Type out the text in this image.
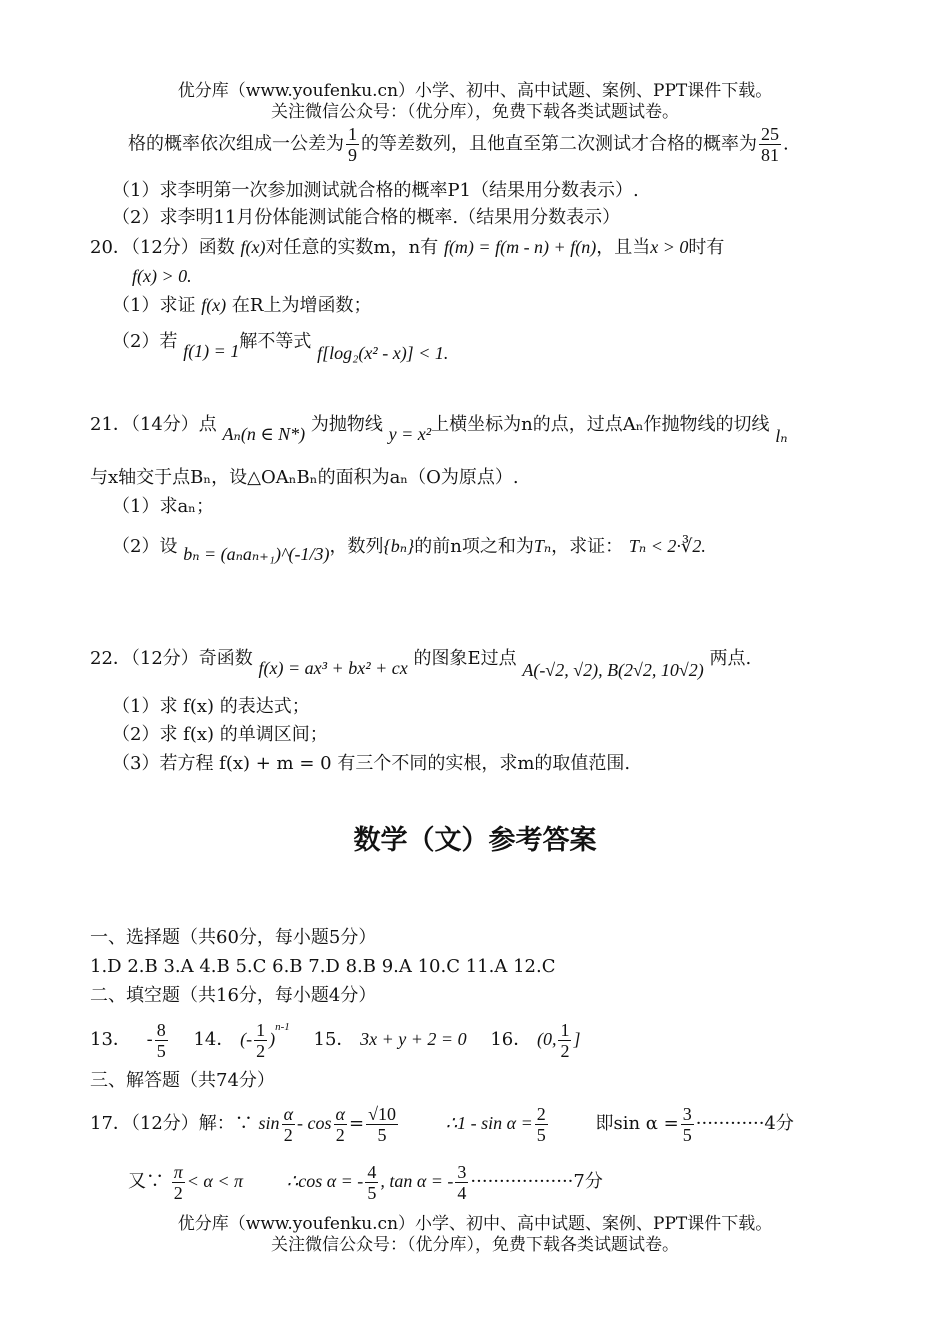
优分库（www.youfenku.cn）小学、初中、高中试题、案例、PPT课件下载。
关注微信公众号：（优分库），免费下载各类试题试卷。
格的概率依次组成一公差为 $\frac{1}{9}$ 的等差数列，且他直至第二次测试才合格的概率为 $\frac{25}{81}$ .
（1）求李明第一次参加测试就合格的概率P1（结果用分数表示）.
（2）求李明11月份体能测试能合格的概率.（结果用分数表示）
20．（12分）函数 f(x)对任意的实数m，n有 f(m) = f(m - n) + f(n)，且当x > 0时有
f(x) > 0.
（1）求证 f(x) 在R上为增函数；
（2）若 f(1) = 1解不等式 f[log₂(x² - x)] < 1.
21．（14分）点 Aₙ(n ∈ N*) 为抛物线 y = x²上横坐标为n的点，过点Aₙ作抛物线的切线 lₙ
与x轴交于点Bₙ，设△OAₙBₙ的面积为aₙ（O为原点）.
（1）求aₙ；
（2）设 bₙ = (aₙaₙ₊₁)^(-1/3)，数列{bₙ}的前n项之和为Tₙ，求证： Tₙ < 2·∛2.
22．（12分）奇函数 f(x) = ax³ + bx² + cx 的图象E过点 A(-√2, √2), B(2√2, 10√2) 两点.
（1）求 f(x) 的表达式；
（2）求 f(x) 的单调区间；
（3）若方程 f(x) + m = 0 有三个不同的实根，求m的取值范围.
数学（文）参考答案
一、选择题（共60分，每小题5分）
1.D 2.B 3.A 4.B 5.C 6.B 7.D 8.B 9.A 10.C 11.A 12.C
二、填空题（共16分，每小题4分）
13． - $\frac{8}{5} 14$． (- $\frac{1}{2} )^{n-1}$ 15． 3x + y + 2 = 0 16． (0, $\frac{1}{2}$ ]
三、解答题（共74分）
17．（12分）解：∵ $\sin \frac{\alpha}{2} - \cos \frac{\alpha}{2} = \frac{√10}{5}$	∴1 - $\sin \alpha = \frac{2}{5}$	即$\sin \alpha = \frac{3}{5} \cdot\cdot\cdot\cdot\cdot\cdot\cdot\cdot\cdot\cdot\cdot\cdot 4$分
又∵ $\frac{\pi}{2} < \alpha < \pi$ ∴cos α = - $\frac{4}{5}$ , tan α = - $\frac{3}{4} \cdot\cdot\cdot\cdot\cdot\cdot\cdot\cdot\cdot\cdot\cdot\cdot\cdot\cdot\cdot\cdot\cdot\cdot 7$分
优分库（www.youfenku.cn）小学、初中、高中试题、案例、PPT课件下载。
关注微信公众号：（优分库），免费下载各类试题试卷。
